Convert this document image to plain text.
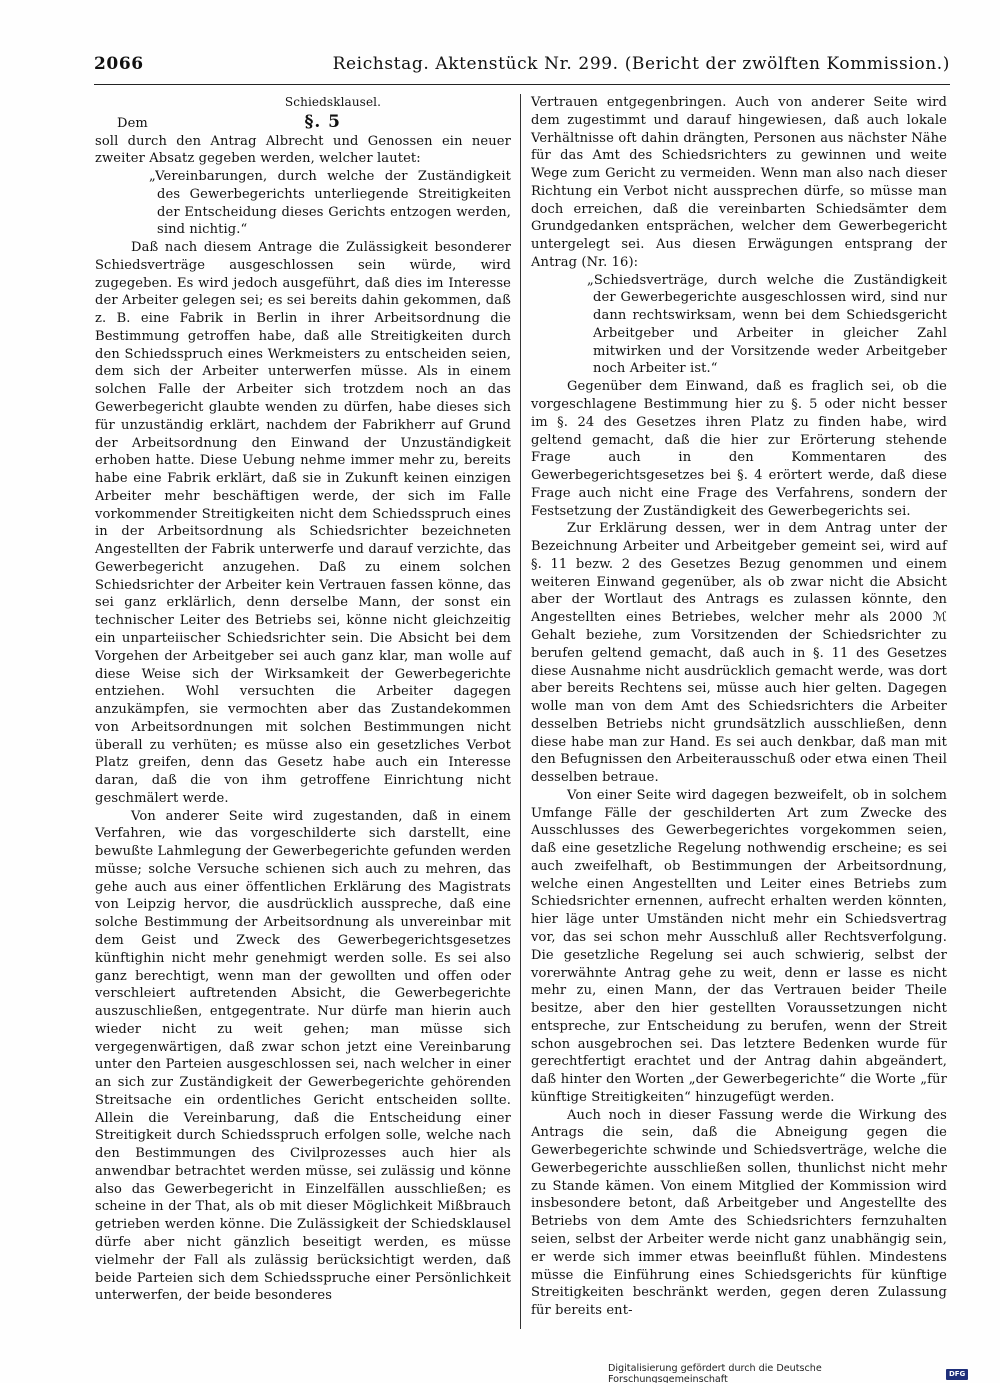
2066	Reichstag. Aktenstück Nr. 299. (Bericht der zwölften Kommission.)
Schiedsklausel.
Dem	§. 5

soll durch den Antrag Albrecht und Genossen ein neuer zweiter Absatz gegeben werden, welcher lautet:

„Vereinbarungen, durch welche der Zuständigkeit des Gewerbegerichts unterliegende Streitigkeiten der Entscheidung dieses Gerichts entzogen werden, sind nichtig.“

Daß nach diesem Antrage die Zulässigkeit besonderer Schiedsverträge ausgeschlossen sein würde, wird zugegeben. Es wird jedoch ausgeführt, daß dies im Interesse der Arbeiter gelegen sei; es sei bereits dahin gekommen, daß z. B. eine Fabrik in Berlin in ihrer Arbeitsordnung die Bestimmung getroffen habe, daß alle Streitigkeiten durch den Schiedsspruch eines Werkmeisters zu entscheiden seien, dem sich der Arbeiter unterwerfen müsse. Als in einem solchen Falle der Arbeiter sich trotzdem noch an das Gewerbegericht glaubte wenden zu dürfen, habe dieses sich für unzuständig erklärt, nachdem der Fabrikherr auf Grund der Arbeitsordnung den Einwand der Unzuständigkeit erhoben hatte. Diese Uebung nehme immer mehr zu, bereits habe eine Fabrik erklärt, daß sie in Zukunft keinen einzigen Arbeiter mehr beschäftigen werde, der sich im Falle vorkommender Streitigkeiten nicht dem Schiedsspruch eines in der Arbeitsordnung als Schiedsrichter bezeichneten Angestellten der Fabrik unterwerfe und darauf verzichte, das Gewerbegericht anzugehen. Daß zu einem solchen Schiedsrichter der Arbeiter kein Vertrauen fassen könne, das sei ganz erklärlich, denn derselbe Mann, der sonst ein technischer Leiter des Betriebs sei, könne nicht gleichzeitig ein unparteiischer Schiedsrichter sein. Die Absicht bei dem Vorgehen der Arbeitgeber sei auch ganz klar, man wolle auf diese Weise sich der Wirksamkeit der Gewerbegerichte entziehen. Wohl versuchten die Arbeiter dagegen anzukämpfen, sie vermochten aber das Zustandekommen von Arbeitsordnungen mit solchen Bestimmungen nicht überall zu verhüten; es müsse also ein gesetzliches Verbot Platz greifen, denn das Gesetz habe auch ein Interesse daran, daß die von ihm getroffene Einrichtung nicht geschmälert werde.

Von anderer Seite wird zugestanden, daß in einem Verfahren, wie das vorgeschilderte sich darstellt, eine bewußte Lahmlegung der Gewerbegerichte gefunden werden müsse; solche Versuche schienen sich auch zu mehren, das gehe auch aus einer öffentlichen Erklärung des Magistrats von Leipzig hervor, die ausdrücklich ausspreche, daß eine solche Bestimmung der Arbeitsordnung als unvereinbar mit dem Geist und Zweck des Gewerbegerichtsgesetzes künftighin nicht mehr genehmigt werden solle. Es sei also ganz berechtigt, wenn man der gewollten und offen oder verschleiert auftretenden Absicht, die Gewerbegerichte auszuschließen, entgegentrate. Nur dürfe man hierin auch wieder nicht zu weit gehen; man müsse sich vergegenwärtigen, daß zwar schon jetzt eine Vereinbarung unter den Parteien ausgeschlossen sei, nach welcher in einer an sich zur Zuständigkeit der Gewerbegerichte gehörenden Streitsache ein ordentliches Gericht entscheiden sollte. Allein die Vereinbarung, daß die Entscheidung einer Streitigkeit durch Schiedsspruch erfolgen solle, welche nach den Bestimmungen des Civilprozesses auch hier als anwendbar betrachtet werden müsse, sei zulässig und könne also das Gewerbegericht in Einzelfällen ausschließen; es scheine in der That, als ob mit dieser Möglichkeit Mißbrauch getrieben werden könne. Die Zulässigkeit der Schiedsklausel dürfe aber nicht gänzlich beseitigt werden, es müsse vielmehr der Fall als zulässig berücksichtigt werden, daß beide Parteien sich dem Schiedsspruche einer Persönlichkeit unterwerfen, der beide besonderes

Vertrauen entgegenbringen. Auch von anderer Seite wird dem zugestimmt und darauf hingewiesen, daß auch lokale Verhältnisse oft dahin drängten, Personen aus nächster Nähe für das Amt des Schiedsrichters zu gewinnen und weite Wege zum Gericht zu vermeiden. Wenn man also nach dieser Richtung ein Verbot nicht aussprechen dürfe, so müsse man doch erreichen, daß die vereinbarten Schiedsämter dem Grundgedanken entsprächen, welcher dem Gewerbegericht untergelegt sei. Aus diesen Erwägungen entsprang der Antrag (Nr. 16):

„Schiedsverträge, durch welche die Zuständigkeit der Gewerbegerichte ausgeschlossen wird, sind nur dann rechtswirksam, wenn bei dem Schiedsgericht Arbeitgeber und Arbeiter in gleicher Zahl mitwirken und der Vorsitzende weder Arbeitgeber noch Arbeiter ist.“

Gegenüber dem Einwand, daß es fraglich sei, ob die vorgeschlagene Bestimmung hier zu §. 5 oder nicht besser im §. 24 des Gesetzes ihren Platz zu finden habe, wird geltend gemacht, daß die hier zur Erörterung stehende Frage auch in den Kommentaren des Gewerbegerichtsgesetzes bei §. 4 erörtert werde, daß diese Frage auch nicht eine Frage des Verfahrens, sondern der Festsetzung der Zuständigkeit des Gewerbegerichts sei.

Zur Erklärung dessen, wer in dem Antrag unter der Bezeichnung Arbeiter und Arbeitgeber gemeint sei, wird auf §. 11 bezw. 2 des Gesetzes Bezug genommen und einem weiteren Einwand gegenüber, als ob zwar nicht die Absicht aber der Wortlaut des Antrags es zulassen könnte, den Angestellten eines Betriebes, welcher mehr als 2000 ℳ Gehalt beziehe, zum Vorsitzenden der Schiedsrichter zu berufen geltend gemacht, daß auch in §. 11 des Gesetzes diese Ausnahme nicht ausdrücklich gemacht werde, was dort aber bereits Rechtens sei, müsse auch hier gelten. Dagegen wolle man von dem Amt des Schiedsrichters die Arbeiter desselben Betriebs nicht grundsätzlich ausschließen, denn diese habe man zur Hand. Es sei auch denkbar, daß man mit den Befugnissen den Arbeiterausschuß oder etwa einen Theil desselben betraue.

Von einer Seite wird dagegen bezweifelt, ob in solchem Umfange Fälle der geschilderten Art zum Zwecke des Ausschlusses des Gewerbegerichtes vorgekommen seien, daß eine gesetzliche Regelung nothwendig erscheine; es sei auch zweifelhaft, ob Bestimmungen der Arbeitsordnung, welche einen Angestellten und Leiter eines Betriebs zum Schiedsrichter ernennen, aufrecht erhalten werden könnten, hier läge unter Umständen nicht mehr ein Schiedsvertrag vor, das sei schon mehr Ausschluß aller Rechtsverfolgung. Die gesetzliche Regelung sei auch schwierig, selbst der vorerwähnte Antrag gehe zu weit, denn er lasse es nicht mehr zu, einen Mann, der das Vertrauen beider Theile besitze, aber den hier gestellten Voraussetzungen nicht entspreche, zur Entscheidung zu berufen, wenn der Streit schon ausgebrochen sei. Das letztere Bedenken wurde für gerechtfertigt erachtet und der Antrag dahin abgeändert, daß hinter den Worten „der Gewerbegerichte“ die Worte „für künftige Streitigkeiten“ hinzugefügt werden.

Auch noch in dieser Fassung werde die Wirkung des Antrags die sein, daß die Abneigung gegen die Gewerbegerichte schwinde und Schiedsverträge, welche die Gewerbegerichte ausschließen sollen, thunlichst nicht mehr zu Stande kämen. Von einem Mitglied der Kommission wird insbesondere betont, daß Arbeitgeber und Angestellte des Betriebs von dem Amte des Schiedsrichters fernzuhalten seien, selbst der Arbeiter werde nicht ganz unabhängig sein, er werde sich immer etwas beeinflußt fühlen. Mindestens müsse die Einführung eines Schiedsgerichts für künftige Streitigkeiten beschränkt werden, gegen deren Zulassung für bereits ent-

Digitalisierung gefördert durch die Deutsche Forschungsgemeinschaft	DFG
